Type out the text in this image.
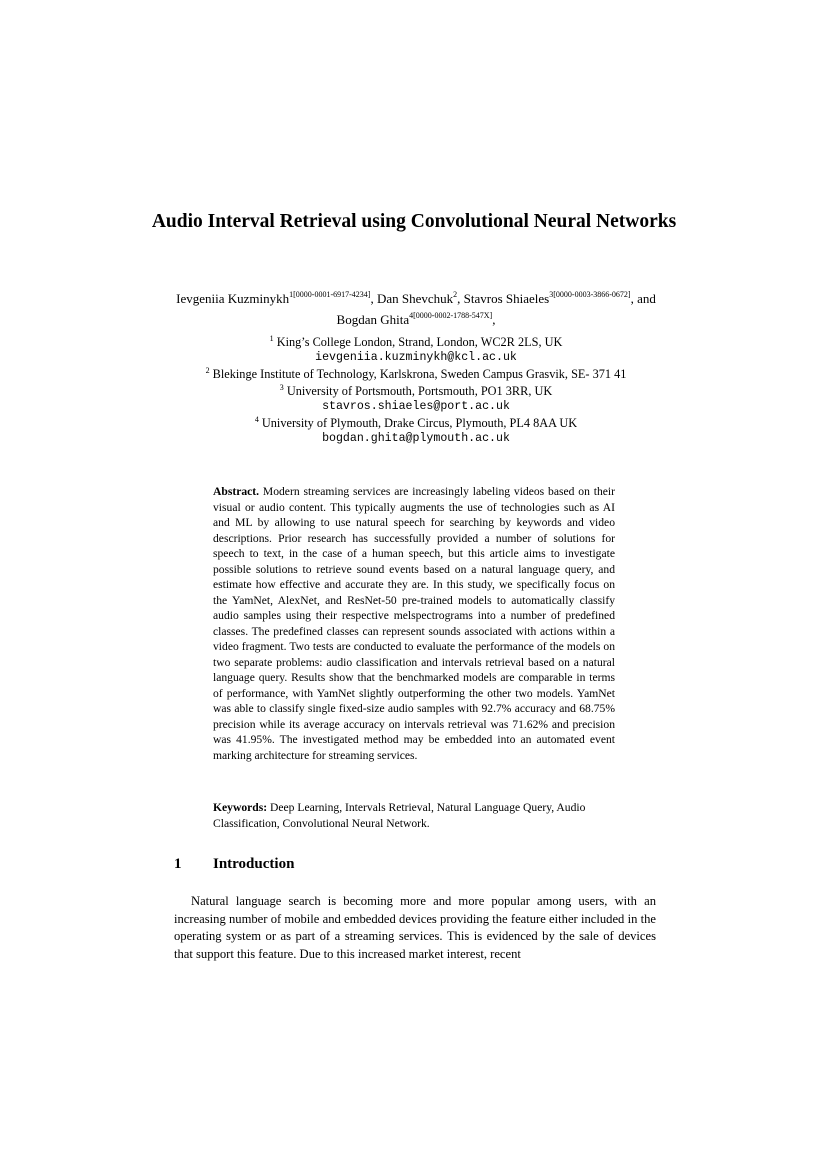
Audio Interval Retrieval using Convolutional Neural Networks
Ievgeniia Kuzminykh$^{1[0000-0001-6917-4234]}$, Dan Shevchuk$^2$, Stavros Shiaeles$^{3[0000-0003-3866-0672]}$, and Bogdan Ghita$^{4[0000-0002-1788-547X]}$,
$^1$ King’s College London, Strand, London, WC2R 2LS, UK
ievgeniia.kuzminykh@kcl.ac.uk
$^2$ Blekinge Institute of Technology, Karlskrona, Sweden Campus Grasvik, SE- 371 41
$^3$ University of Portsmouth, Portsmouth, PO1 3RR, UK
stavros.shiaeles@port.ac.uk
$^4$ University of Plymouth, Drake Circus, Plymouth, PL4 8AA UK
bogdan.ghita@plymouth.ac.uk
Abstract. Modern streaming services are increasingly labeling videos based on their visual or audio content. This typically augments the use of technologies such as AI and ML by allowing to use natural speech for searching by keywords and video descriptions. Prior research has successfully provided a number of solutions for speech to text, in the case of a human speech, but this article aims to investigate possible solutions to retrieve sound events based on a natural language query, and estimate how effective and accurate they are. In this study, we specifically focus on the YamNet, AlexNet, and ResNet-50 pre-trained models to automatically classify audio samples using their respective melspectrograms into a number of predefined classes. The predefined classes can represent sounds associated with actions within a video fragment. Two tests are conducted to evaluate the performance of the models on two separate problems: audio classification and intervals retrieval based on a natural language query. Results show that the benchmarked models are comparable in terms of performance, with YamNet slightly outperforming the other two models. YamNet was able to classify single fixed-size audio samples with 92.7% accuracy and 68.75% precision while its average accuracy on intervals retrieval was 71.62% and precision was 41.95%. The investigated method may be embedded into an automated event marking architecture for streaming services.
Keywords: Deep Learning, Intervals Retrieval, Natural Language Query, Audio Classification, Convolutional Neural Network.
1 Introduction
Natural language search is becoming more and more popular among users, with an increasing number of mobile and embedded devices providing the feature either included in the operating system or as part of a streaming services. This is evidenced by the sale of devices that support this feature. Due to this increased market interest, recent
